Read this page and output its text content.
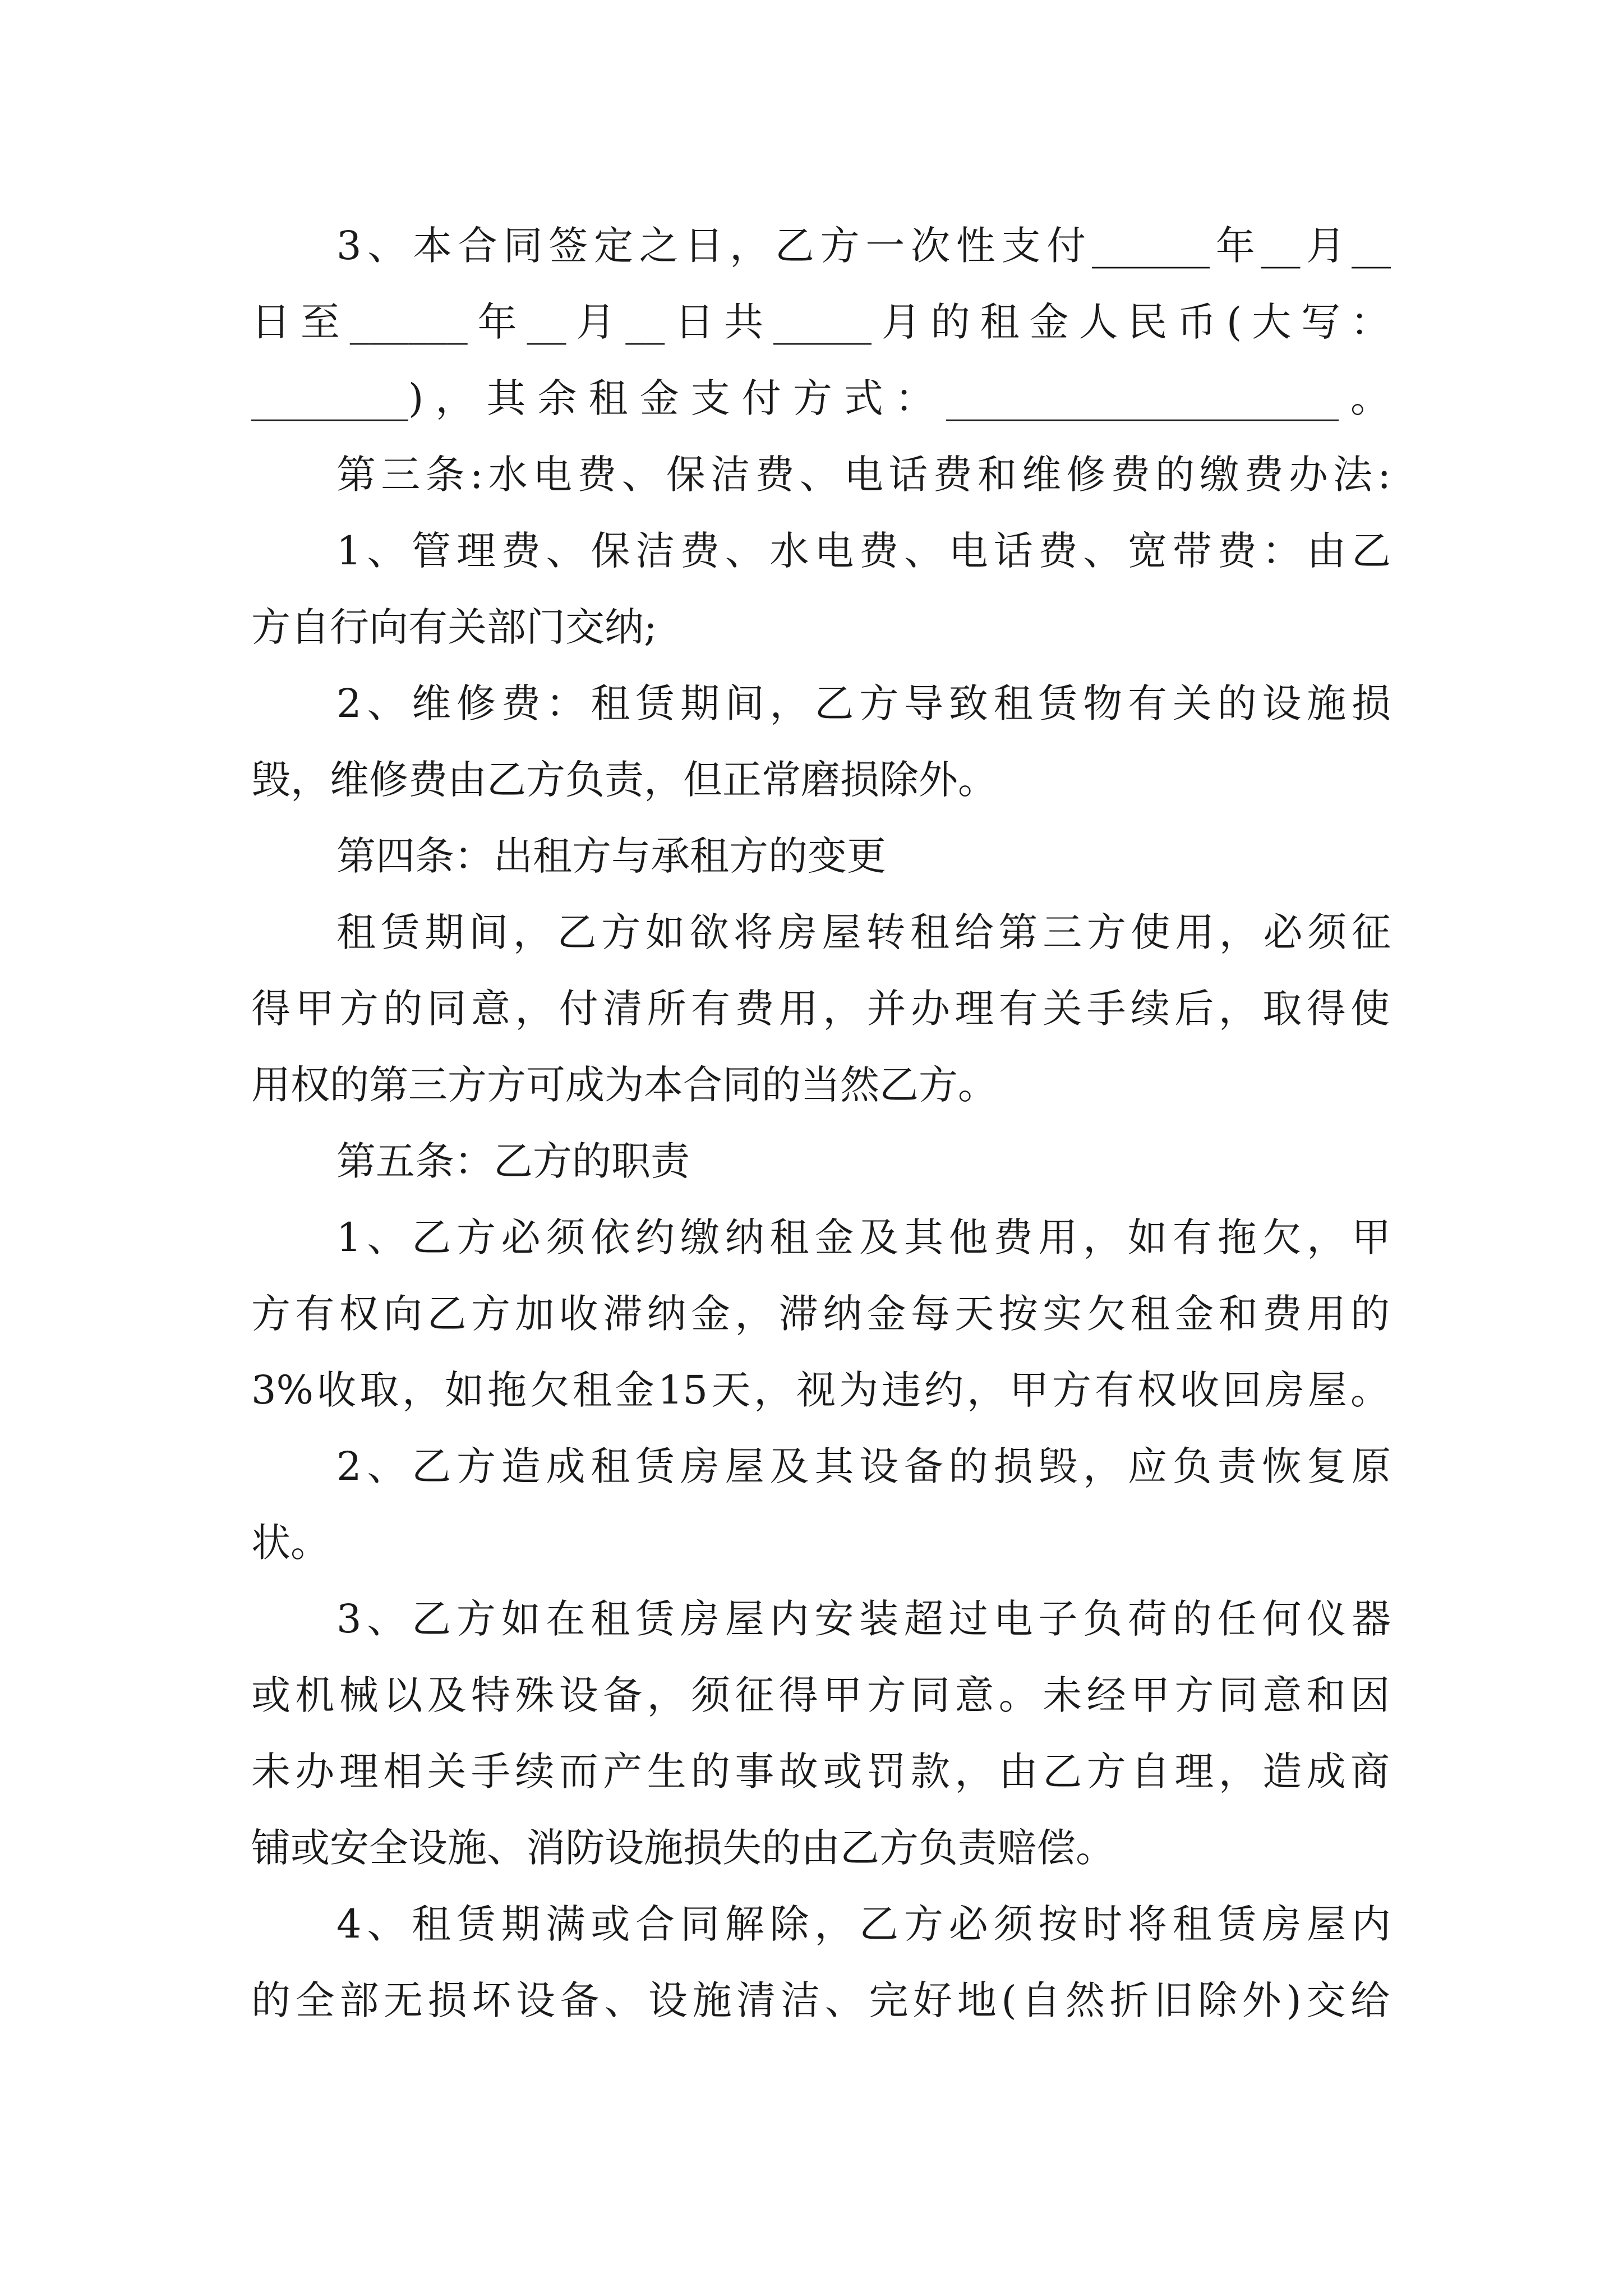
3、本合同签定之日，乙方一次性支付______年__月__
日至______年__月__日共_____月的租金人民币(大写：
________)，其余租金支付方式：____________________。
第三条:水电费、保洁费、电话费和维修费的缴费办法:
1、管理费、保洁费、水电费、电话费、宽带费：由乙
方自行向有关部门交纳;
2、维修费：租赁期间，乙方导致租赁物有关的设施损
毁，维修费由乙方负责，但正常磨损除外。
第四条：出租方与承租方的变更
租赁期间，乙方如欲将房屋转租给第三方使用，必须征
得甲方的同意，付清所有费用，并办理有关手续后，取得使
用权的第三方方可成为本合同的当然乙方。
第五条：乙方的职责
1、乙方必须依约缴纳租金及其他费用，如有拖欠，甲
方有权向乙方加收滞纳金，滞纳金每天按实欠租金和费用的
3%收取，如拖欠租金15天，视为违约，甲方有权收回房屋。
2、乙方造成租赁房屋及其设备的损毁，应负责恢复原
状。
3、乙方如在租赁房屋内安装超过电子负荷的任何仪器
或机械以及特殊设备，须征得甲方同意。未经甲方同意和因
未办理相关手续而产生的事故或罚款，由乙方自理，造成商
铺或安全设施、消防设施损失的由乙方负责赔偿。
4、租赁期满或合同解除，乙方必须按时将租赁房屋内
的全部无损坏设备、设施清洁、完好地(自然折旧除外)交给
